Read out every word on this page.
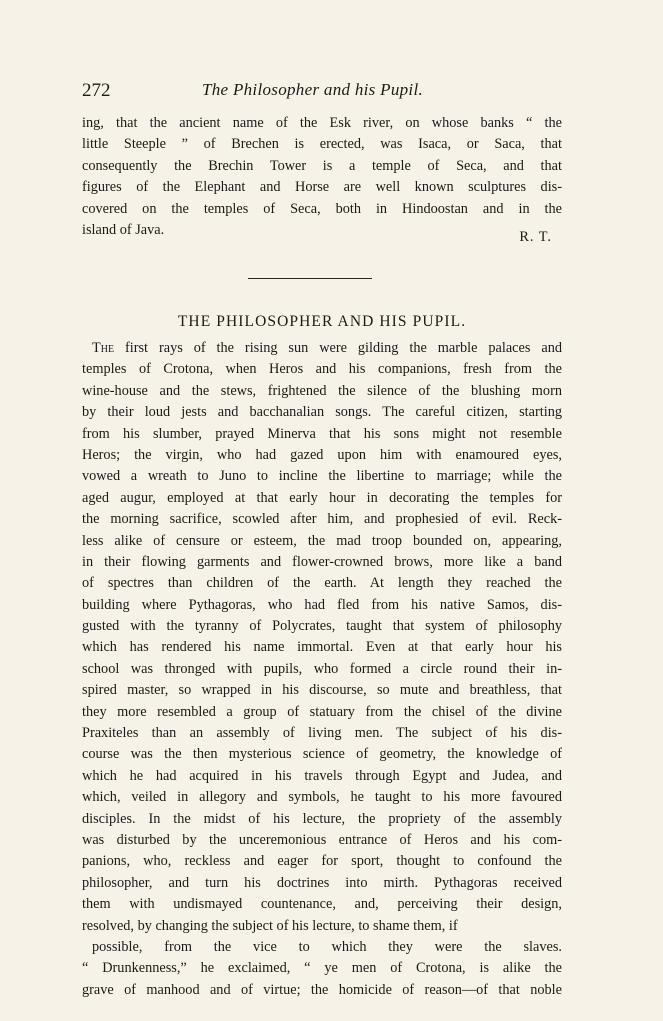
272	The Philosopher and his Pupil.
ing, that the ancient name of the Esk river, on whose banks “ the
little Steeple ” of Brechen is erected, was Isaca, or Saca, that
consequently the Brechin Tower is a temple of Seca, and that
figures of the Elephant and Horse are well known sculptures dis-
covered on the temples of Seca, both in Hindoostan and in the
island of Java.	R. T.
THE PHILOSOPHER AND HIS PUPIL.
The first rays of the rising sun were gilding the marble palaces and
temples of Crotona, when Heros and his companions, fresh from the
wine-house and the stews, frightened the silence of the blushing morn
by their loud jests and bacchanalian songs. The careful citizen, starting
from his slumber, prayed Minerva that his sons might not resemble
Heros; the virgin, who had gazed upon him with enamoured eyes,
vowed a wreath to Juno to incline the libertine to marriage; while the
aged augur, employed at that early hour in decorating the temples for
the morning sacrifice, scowled after him, and prophesied of evil. Reck-
less alike of censure or esteem, the mad troop bounded on, appearing,
in their flowing garments and flower-crowned brows, more like a band
of spectres than children of the earth. At length they reached the
building where Pythagoras, who had fled from his native Samos, dis-
gusted with the tyranny of Polycrates, taught that system of philosophy
which has rendered his name immortal. Even at that early hour his
school was thronged with pupils, who formed a circle round their in-
spired master, so wrapped in his discourse, so mute and breathless, that
they more resembled a group of statuary from the chisel of the divine
Praxiteles than an assembly of living men. The subject of his dis-
course was the then mysterious science of geometry, the knowledge of
which he had acquired in his travels through Egypt and Judea, and
which, veiled in allegory and symbols, he taught to his more favoured
disciples. In the midst of his lecture, the propriety of the assembly
was disturbed by the unceremonious entrance of Heros and his com-
panions, who, reckless and eager for sport, thought to confound the
philosopher, and turn his doctrines into mirth. Pythagoras received
them with undismayed countenance, and, perceiving their design,
resolved, by changing the subject of his lecture, to shame them, if
possible, from the vice to which they were the slaves.
“ Drunkenness,” he exclaimed, “ ye men of Crotona, is alike the
grave of manhood and of virtue; the homicide of reason—of that noble
